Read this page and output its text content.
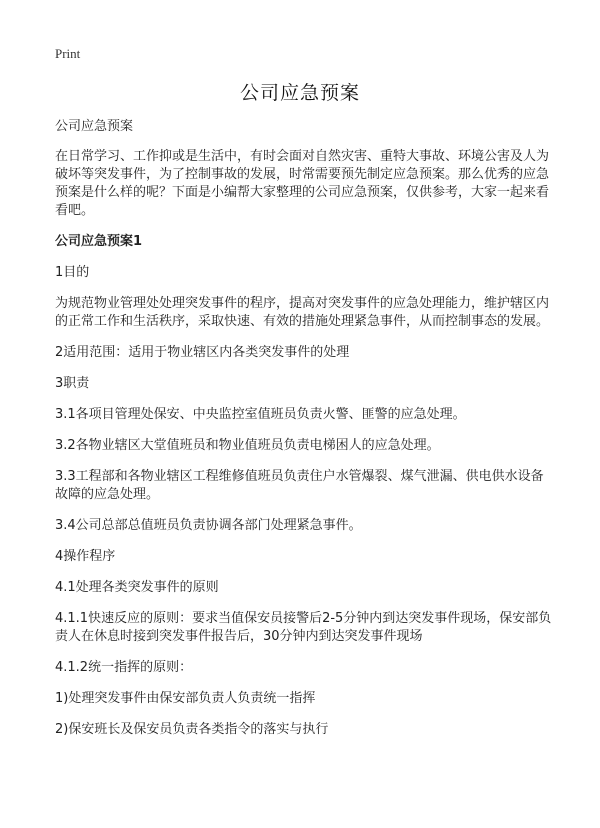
Print
公司应急预案

公司应急预案

在日常学习、工作抑或是生活中，有时会面对自然灾害、重特大事故、环境公害及人为破坏等突发事件，为了控制事故的发展，时常需要预先制定应急预案。那么优秀的应急预案是什么样的呢？下面是小编帮大家整理的公司应急预案，仅供参考，大家一起来看看吧。

公司应急预案1

1目的

为规范物业管理处处理突发事件的程序，提高对突发事件的应急处理能力，维护辖区内的正常工作和生活秩序，采取快速、有效的措施处理紧急事件，从而控制事态的发展。

2适用范围：适用于物业辖区内各类突发事件的处理

3职责

3.1各项目管理处保安、中央监控室值班员负责火警、匪警的应急处理。

3.2各物业辖区大堂值班员和物业值班员负责电梯困人的应急处理。

3.3工程部和各物业辖区工程维修值班员负责住户水管爆裂、煤气泄漏、供电供水设备故障的应急处理。

3.4公司总部总值班员负责协调各部门处理紧急事件。

4操作程序

4.1处理各类突发事件的原则

4.1.1快速反应的原则：要求当值保安员接警后2-5分钟内到达突发事件现场，保安部负责人在休息时接到突发事件报告后，30分钟内到达突发事件现场

4.1.2统一指挥的原则：

1)处理突发事件由保安部负责人负责统一指挥

2)保安班长及保安员负责各类指令的落实与执行
